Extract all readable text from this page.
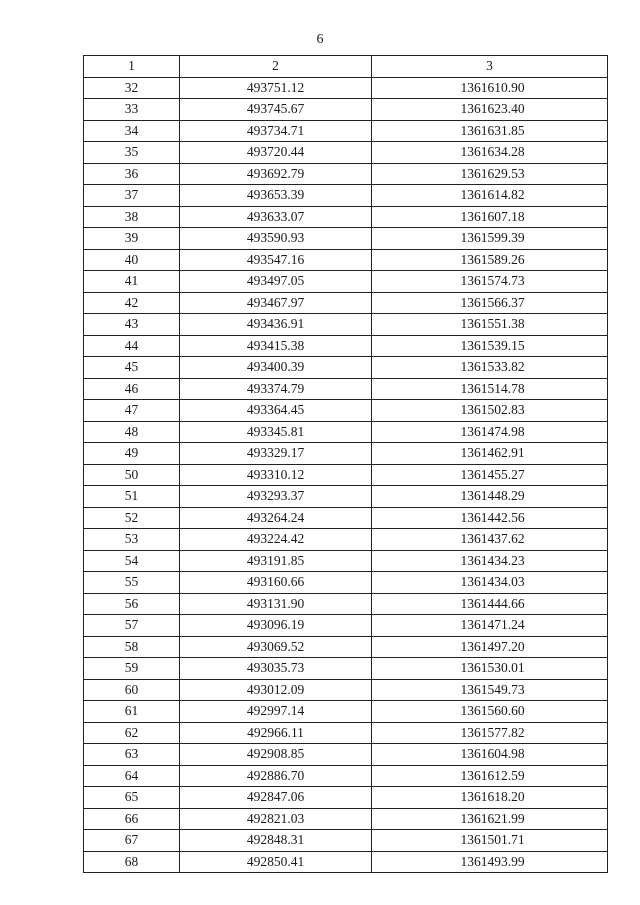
6
1	2	3
32	493751.12	1361610.90
33	493745.67	1361623.40
34	493734.71	1361631.85
35	493720.44	1361634.28
36	493692.79	1361629.53
37	493653.39	1361614.82
38	493633.07	1361607.18
39	493590.93	1361599.39
40	493547.16	1361589.26
41	493497.05	1361574.73
42	493467.97	1361566.37
43	493436.91	1361551.38
44	493415.38	1361539.15
45	493400.39	1361533.82
46	493374.79	1361514.78
47	493364.45	1361502.83
48	493345.81	1361474.98
49	493329.17	1361462.91
50	493310.12	1361455.27
51	493293.37	1361448.29
52	493264.24	1361442.56
53	493224.42	1361437.62
54	493191.85	1361434.23
55	493160.66	1361434.03
56	493131.90	1361444.66
57	493096.19	1361471.24
58	493069.52	1361497.20
59	493035.73	1361530.01
60	493012.09	1361549.73
61	492997.14	1361560.60
62	492966.11	1361577.82
63	492908.85	1361604.98
64	492886.70	1361612.59
65	492847.06	1361618.20
66	492821.03	1361621.99
67	492848.31	1361501.71
68	492850.41	1361493.99
